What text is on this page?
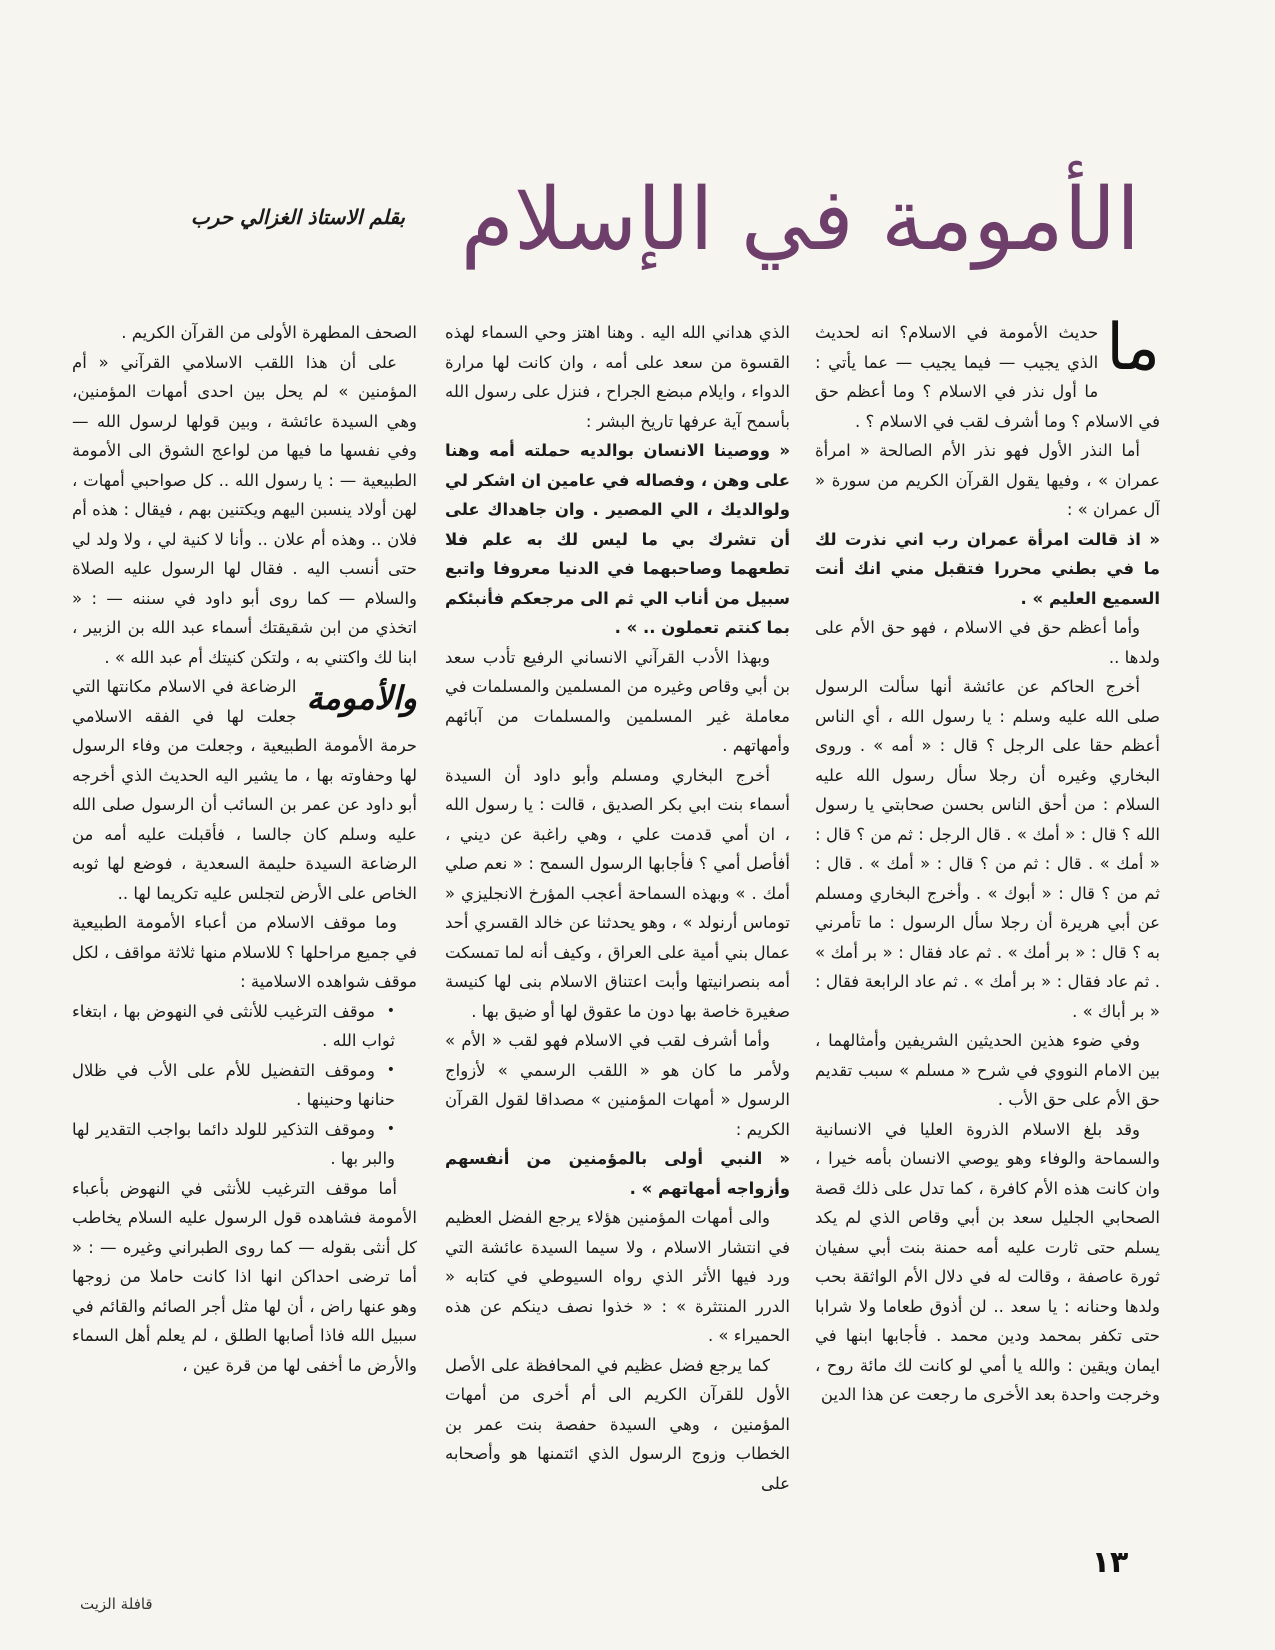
الأمومة في الإسلام
بقلم الاستاذ الغزالي حرب
ما

حديث الأمومة في الاسلام؟ انه لحديث الذي يجيب — فيما يجيب — عما يأتي : ما أول نذر في الاسلام ؟ وما أعظم حق في الاسلام ؟ وما أشرف لقب في الاسلام ؟ .

أما النذر الأول فهو نذر الأم الصالحة « امرأة عمران » ، وفيها يقول القرآن الكريم من سورة « آل عمران » :

« اذ قالت امرأة عمران رب اني نذرت لك ما في بطني محررا فتقبل مني انك أنت السميع العليم » .

وأما أعظم حق في الاسلام ، فهو حق الأم على ولدها ..

أخرج الحاكم عن عائشة أنها سألت الرسول صلى الله عليه وسلم : يا رسول الله ، أي الناس أعظم حقا على الرجل ؟ قال : « أمه » . وروى البخاري وغيره أن رجلا سأل رسول الله عليه السلام : من أحق الناس بحسن صحابتي يا رسول الله ؟ قال : « أمك » . قال الرجل : ثم من ؟ قال : « أمك » . قال : ثم من ؟ قال : « أمك » . قال : ثم من ؟ قال : « أبوك » . وأخرج البخاري ومسلم عن أبي هريرة أن رجلا سأل الرسول : ما تأمرني به ؟ قال : « بر أمك » . ثم عاد فقال : « بر أمك » . ثم عاد فقال : « بر أمك » . ثم عاد الرابعة فقال : « بر أباك » .

وفي ضوء هذين الحديثين الشريفين وأمثالهما ، بين الامام النووي في شرح « مسلم » سبب تقديم حق الأم على حق الأب .

وقد بلغ الاسلام الذروة العليا في الانسانية والسماحة والوفاء وهو يوصي الانسان بأمه خيرا ، وان كانت هذه الأم كافرة ، كما تدل على ذلك قصة الصحابي الجليل سعد بن أبي وقاص الذي لم يكد يسلم حتى ثارت عليه أمه حمنة بنت أبي سفيان ثورة عاصفة ، وقالت له في دلال الأم الواثقة بحب ولدها وحنانه : يا سعد .. لن أذوق طعاما ولا شرابا حتى تكفر بمحمد ودين محمد . فأجابها ابنها في ايمان ويقين : والله يا أمي لو كانت لك مائة روح ، وخرجت واحدة بعد الأخرى ما رجعت عن هذا الدين

الذي هداني الله اليه . وهنا اهتز وحي السماء لهذه القسوة من سعد على أمه ، وان كانت لها مرارة الدواء ، وايلام مبضع الجراح ، فنزل على رسول الله بأسمح آية عرفها تاريخ البشر :

« ووصينا الانسان بوالديه حملته أمه وهنا على وهن ، وفصاله في عامين ان اشكر لي ولوالديك ، الي المصير . وان جاهداك على أن تشرك بي ما ليس لك به علم فلا تطعهما وصاحبهما في الدنيا معروفا واتبع سبيل من أناب الي ثم الى مرجعكم فأنبئكم بما كنتم تعملون .. » .

وبهذا الأدب القرآني الانساني الرفيع تأدب سعد بن أبي وقاص وغيره من المسلمين والمسلمات في معاملة غير المسلمين والمسلمات من آبائهم وأمهاتهم .

أخرج البخاري ومسلم وأبو داود أن السيدة أسماء بنت ابي بكر الصديق ، قالت : يا رسول الله ، ان أمي قدمت علي ، وهي راغبة عن ديني ، أفأصل أمي ؟ فأجابها الرسول السمح : « نعم صلي أمك . » وبهذه السماحة أعجب المؤرخ الانجليزي « توماس أرنولد » ، وهو يحدثنا عن خالد القسري أحد عمال بني أمية على العراق ، وكيف أنه لما تمسكت أمه بنصرانيتها وأبت اعتناق الاسلام بنى لها كنيسة صغيرة خاصة بها دون ما عقوق لها أو ضيق بها .

وأما أشرف لقب في الاسلام فهو لقب « الأم » ولأمر ما كان هو « اللقب الرسمي » لأزواج الرسول « أمهات المؤمنين » مصداقا لقول القرآن الكريم :

« النبي أولى بالمؤمنين من أنفسهم وأزواجه أمهاتهم » .

والى أمهات المؤمنين هؤلاء يرجع الفضل العظيم في انتشار الاسلام ، ولا سيما السيدة عائشة التي ورد فيها الأثر الذي رواه السيوطي في كتابه « الدرر المنتثرة » : « خذوا نصف دينكم عن هذه الحميراء » .

كما يرجع فضل عظيم في المحافظة على الأصل الأول للقرآن الكريم الى أم أخرى من أمهات المؤمنين ، وهي السيدة حفصة بنت عمر بن الخطاب وزوج الرسول الذي ائتمنها هو وأصحابه على

الصحف المطهرة الأولى من القرآن الكريم .

على أن هذا اللقب الاسلامي القرآني « أم المؤمنين » لم يحل بين احدى أمهات المؤمنين، وهي السيدة عائشة ، وبين قولها لرسول الله — وفي نفسها ما فيها من لواعج الشوق الى الأمومة الطبيعية — : يا رسول الله .. كل صواحبي أمهات ، لهن أولاد ينسبن اليهم ويكتنين بهم ، فيقال : هذه أم فلان .. وهذه أم علان .. وأنا لا كنية لي ، ولا ولد لي حتى أنسب اليه . فقال لها الرسول عليه الصلاة والسلام — كما روى أبو داود في سننه — : « اتخذي من ابن شقيقتك أسماء عبد الله بن الزبير ، ابنا لك واكتني به ، ولتكن كنيتك أم عبد الله » .

والأمومة

الرضاعة في الاسلام مكانتها التي جعلت لها في الفقه الاسلامي حرمة الأمومة الطبيعية ، وجعلت من وفاء الرسول لها وحفاوته بها ، ما يشير اليه الحديث الذي أخرجه أبو داود عن عمر بن السائب أن الرسول صلى الله عليه وسلم كان جالسا ، فأقبلت عليه أمه من الرضاعة السيدة حليمة السعدية ، فوضع لها ثوبه الخاص على الأرض لتجلس عليه تكريما لها ..

وما موقف الاسلام من أعباء الأمومة الطبيعية في جميع مراحلها ؟ للاسلام منها ثلاثة مواقف ، لكل موقف شواهده الاسلامية :

• موقف الترغيب للأنثى في النهوض بها ، ابتغاء ثواب الله .

• وموقف التفضيل للأم على الأب في ظلال حنانها وحنينها .

• وموقف التذكير للولد دائما بواجب التقدير لها والبر بها .

أما موقف الترغيب للأنثى في النهوض بأعباء الأمومة فشاهده قول الرسول عليه السلام يخاطب كل أنثى بقوله — كما روى الطبراني وغيره — : « أما ترضى احداكن انها اذا كانت حاملا من زوجها وهو عنها راض ، أن لها مثل أجر الصائم والقائم في سبيل الله فاذا أصابها الطلق ، لم يعلم أهل السماء والأرض ما أخفى لها من قرة عين ،

١٣
قافلة الزيت
